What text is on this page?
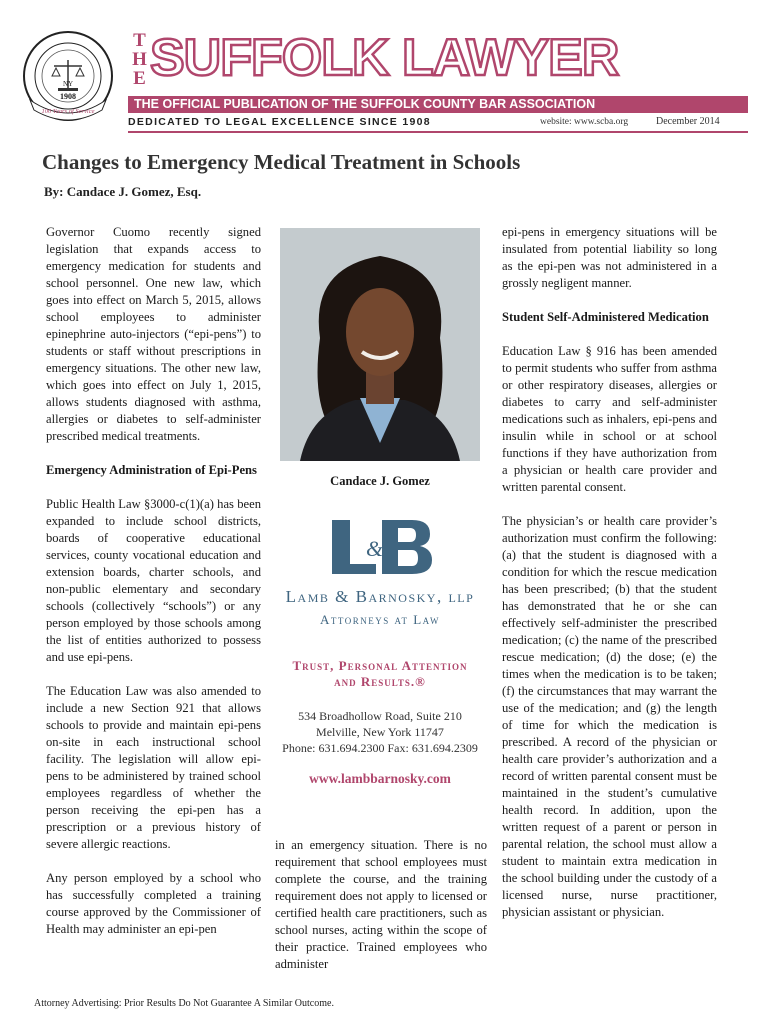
1908
NY
100 Years of Service
THE SUFFOLK LAWYER
THE OFFICIAL PUBLICATION OF THE SUFFOLK COUNTY BAR ASSOCIATION
DEDICATED TO LEGAL EXCELLENCE SINCE 1908	website: www.scba.org	December 2014
Changes to Emergency Medical Treatment in Schools
By: Candace J. Gomez, Esq.

Governor Cuomo recently signed legislation that expands access to emergency medication for students and school personnel. One new law, which goes into effect on March 5, 2015, allows school employees to administer epinephrine auto-injectors (“epi-pens”) to students or staff without prescriptions in emergency situations. The other new law, which goes into effect on July 1, 2015, allows students diagnosed with asthma, allergies or diabetes to self-administer prescribed medical treatments.

Emergency Administration of Epi-Pens

Public Health Law §3000-c(1)(a) has been expanded to include school districts, boards of cooperative educational services, county vocational education and extension boards, charter schools, and non-public elementary and secondary schools (collectively “schools”) or any person employed by those schools among the list of entities authorized to possess and use epi-pens.

The Education Law was also amended to include a new Section 921 that allows schools to provide and maintain epi-pens on-site in each instructional school facility. The legislation will allow epi-pens to be administered by trained school employees regardless of whether the person receiving the epi-pen has a prescription or a previous history of severe allergic reactions.

Any person employed by a school who has successfully completed a training course approved by the Commissioner of Health may administer an epi-pen

Candace J. Gomez
&
Lamb & Barnosky, llp
Attorneys at Law
Trust, Personal Attention
and Results.®
534 Broadhollow Road, Suite 210
Melville, New York 11747
Phone: 631.694.2300 Fax: 631.694.2309
www.lambbarnosky.com

in an emergency situation. There is no requirement that school employees must complete the course, and the training requirement does not apply to licensed or certified health care practitioners, such as school nurses, acting within the scope of their practice. Trained employees who administer

epi-pens in emergency situations will be insulated from potential liability so long as the epi-pen was not administered in a grossly negligent manner.

Student Self-Administered Medication

Education Law § 916 has been amended to permit students who suffer from asthma or other respiratory diseases, allergies or diabetes to carry and self-administer medications such as inhalers, epi-pens and insulin while in school or at school functions if they have authorization from a physician or health care provider and written parental consent.

The physician’s or health care provider’s authorization must confirm the following: (a) that the student is diagnosed with a condition for which the rescue medication has been prescribed; (b) that the student has demonstrated that he or she can effectively self-administer the prescribed medication; (c) the name of the prescribed rescue medication; (d) the dose; (e) the times when the medication is to be taken; (f) the circumstances that may warrant the use of the medication; and (g) the length of time for which the medication is prescribed. A record of the physician or health care provider’s authorization and a record of written parental consent must be maintained in the student’s cumulative health record. In addition, upon the written request of a parent or person in parental relation, the school must allow a student to maintain extra medication in the school building under the custody of a licensed nurse, nurse practitioner, physician assistant or physician.

Attorney Advertising: Prior Results Do Not Guarantee A Similar Outcome.
